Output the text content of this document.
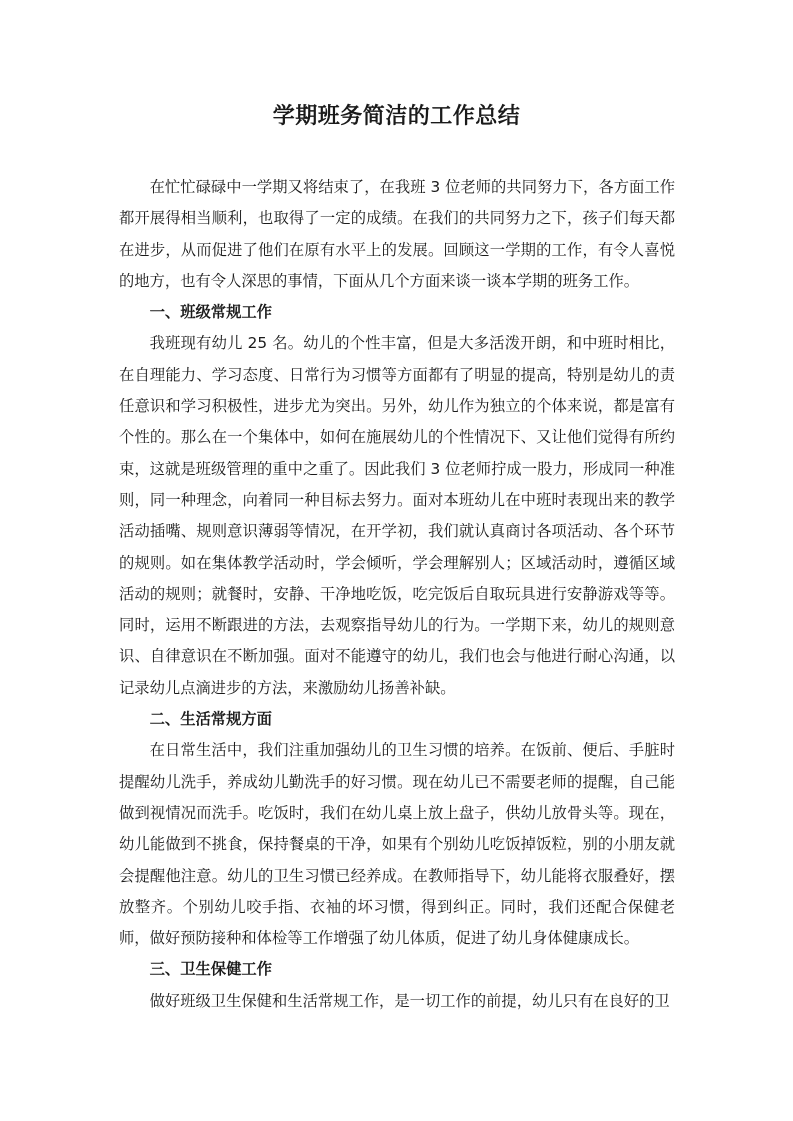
学期班务简洁的工作总结

在忙忙碌碌中一学期又将结束了，在我班 3 位老师的共同努力下，各方面工作都开展得相当顺利，也取得了一定的成绩。在我们的共同努力之下，孩子们每天都在进步，从而促进了他们在原有水平上的发展。回顾这一学期的工作，有令人喜悦的地方，也有令人深思的事情，下面从几个方面来谈一谈本学期的班务工作。

一、班级常规工作

我班现有幼儿 25 名。幼儿的个性丰富，但是大多活泼开朗，和中班时相比，在自理能力、学习态度、日常行为习惯等方面都有了明显的提高，特别是幼儿的责任意识和学习积极性，进步尤为突出。另外，幼儿作为独立的个体来说，都是富有个性的。那么在一个集体中，如何在施展幼儿的个性情况下、又让他们觉得有所约束，这就是班级管理的重中之重了。因此我们 3 位老师拧成一股力，形成同一种准则，同一种理念，向着同一种目标去努力。面对本班幼儿在中班时表现出来的教学活动插嘴、规则意识薄弱等情况，在开学初，我们就认真商讨各项活动、各个环节的规则。如在集体教学活动时，学会倾听，学会理解别人；区域活动时，遵循区域活动的规则；就餐时，安静、干净地吃饭，吃完饭后自取玩具进行安静游戏等等。同时，运用不断跟进的方法，去观察指导幼儿的行为。一学期下来，幼儿的规则意识、自律意识在不断加强。面对不能遵守的幼儿，我们也会与他进行耐心沟通，以记录幼儿点滴进步的方法，来激励幼儿扬善补缺。

二、生活常规方面

在日常生活中，我们注重加强幼儿的卫生习惯的培养。在饭前、便后、手脏时提醒幼儿洗手，养成幼儿勤洗手的好习惯。现在幼儿已不需要老师的提醒，自己能做到视情况而洗手。吃饭时，我们在幼儿桌上放上盘子，供幼儿放骨头等。现在，幼儿能做到不挑食，保持餐桌的干净，如果有个别幼儿吃饭掉饭粒，别的小朋友就会提醒他注意。幼儿的卫生习惯已经养成。在教师指导下，幼儿能将衣服叠好，摆放整齐。个别幼儿咬手指、衣袖的坏习惯，得到纠正。同时，我们还配合保健老师，做好预防接种和体检等工作增强了幼儿体质，促进了幼儿身体健康成长。

三、卫生保健工作

做好班级卫生保健和生活常规工作，是一切工作的前提，幼儿只有在良好的卫
